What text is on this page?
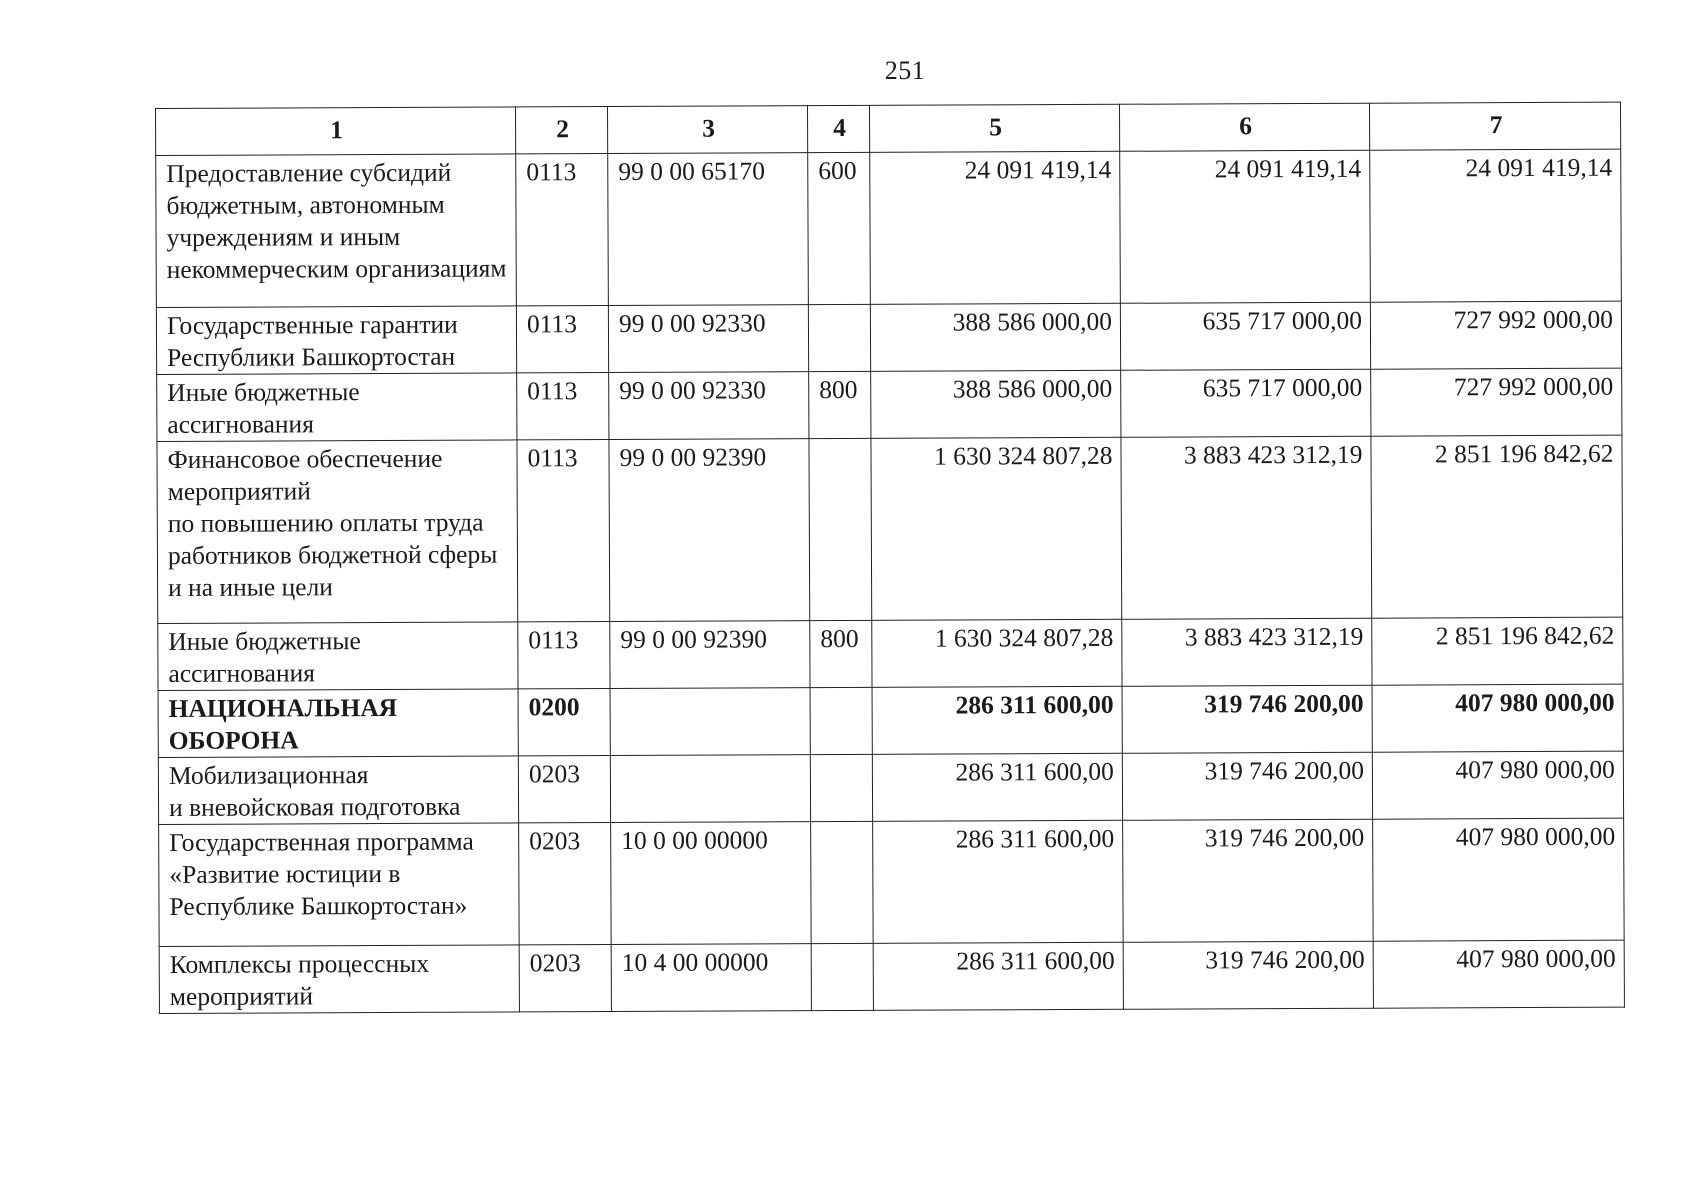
251
1	2	3	4	5	6	7
Предоставление субсидий бюджетным, автономным учреждениям и иным некоммерческим организациям	0113	99 0 00 65170	600	24 091 419,14	24 091 419,14	24 091 419,14
Государственные гарантии Республики Башкортостан	0113	99 0 00 92330		388 586 000,00	635 717 000,00	727 992 000,00
Иные бюджетные ассигнования	0113	99 0 00 92330	800	388 586 000,00	635 717 000,00	727 992 000,00
Финансовое обеспечение мероприятий
по повышению оплаты труда работников бюджетной сферы
и на иные цели	0113	99 0 00 92390		1 630 324 807,28	3 883 423 312,19	2 851 196 842,62
Иные бюджетные ассигнования	0113	99 0 00 92390	800	1 630 324 807,28	3 883 423 312,19	2 851 196 842,62
НАЦИОНАЛЬНАЯ ОБОРОНА	0200			286 311 600,00	319 746 200,00	407 980 000,00
Мобилизационная
и вневойсковая подготовка	0203			286 311 600,00	319 746 200,00	407 980 000,00
Государственная программа «Развитие юстиции в Республике Башкортостан»	0203	10 0 00 00000		286 311 600,00	319 746 200,00	407 980 000,00
Комплексы процессных мероприятий	0203	10 4 00 00000		286 311 600,00	319 746 200,00	407 980 000,00
